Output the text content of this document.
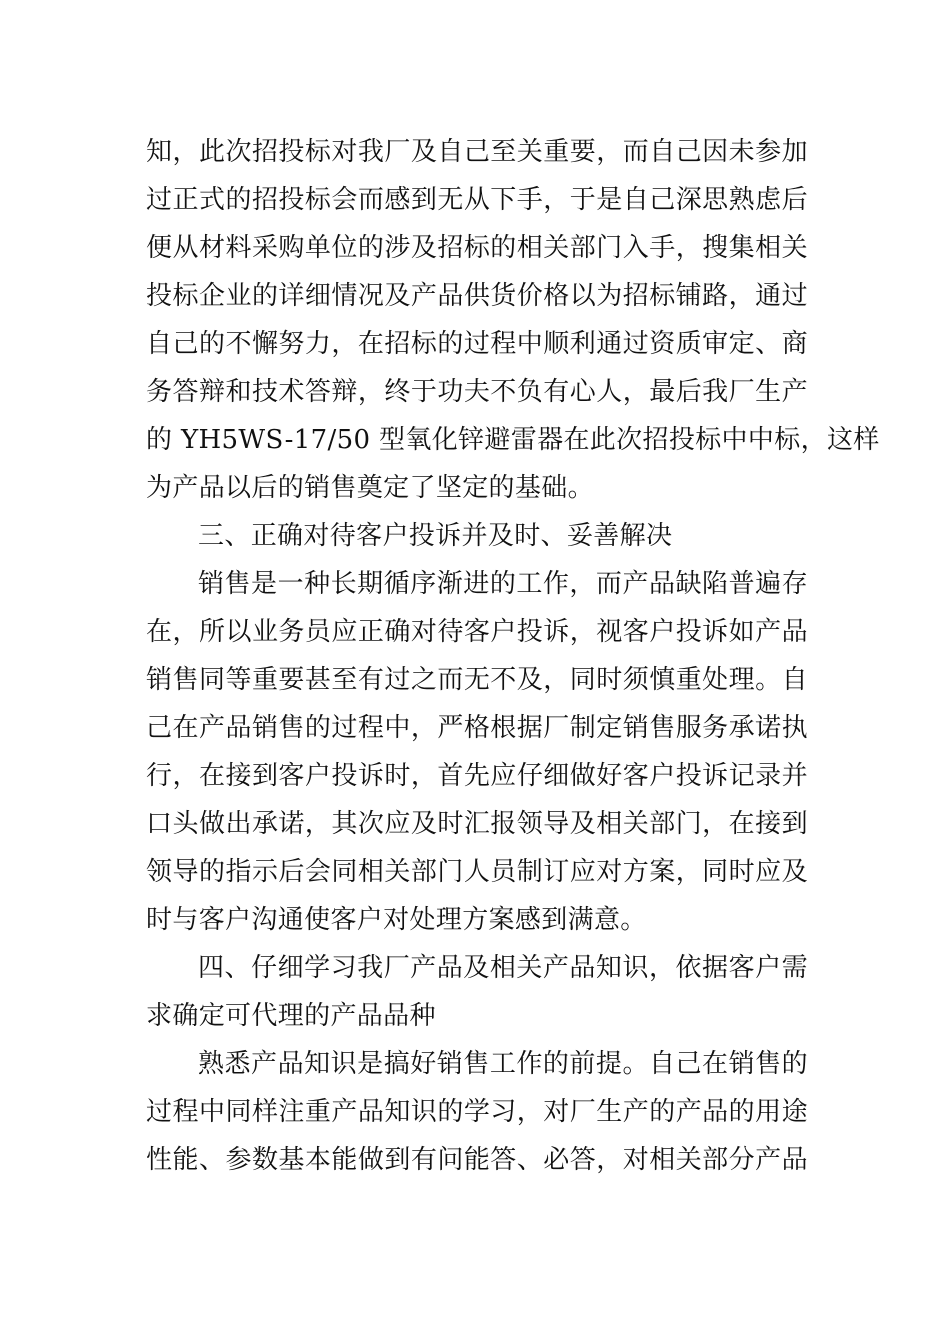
知，此次招投标对我厂及自己至关重要，而自己因未参加
过正式的招投标会而感到无从下手，于是自己深思熟虑后
便从材料采购单位的涉及招标的相关部门入手，搜集相关
投标企业的详细情况及产品供货价格以为招标铺路，通过
自己的不懈努力，在招标的过程中顺利通过资质审定、商
务答辩和技术答辩，终于功夫不负有心人，最后我厂生产
的 YH5WS-17/50 型氧化锌避雷器在此次招投标中中标，这样
为产品以后的销售奠定了坚定的基础。
三、正确对待客户投诉并及时、妥善解决
销售是一种长期循序渐进的工作，而产品缺陷普遍存
在，所以业务员应正确对待客户投诉，视客户投诉如产品
销售同等重要甚至有过之而无不及，同时须慎重处理。自
己在产品销售的过程中，严格根据厂制定销售服务承诺执
行，在接到客户投诉时，首先应仔细做好客户投诉记录并
口头做出承诺，其次应及时汇报领导及相关部门，在接到
领导的指示后会同相关部门人员制订应对方案，同时应及
时与客户沟通使客户对处理方案感到满意。
四、仔细学习我厂产品及相关产品知识，依据客户需
求确定可代理的产品品种
熟悉产品知识是搞好销售工作的前提。自己在销售的
过程中同样注重产品知识的学习，对厂生产的产品的用途
性能、参数基本能做到有问能答、必答，对相关部分产品
